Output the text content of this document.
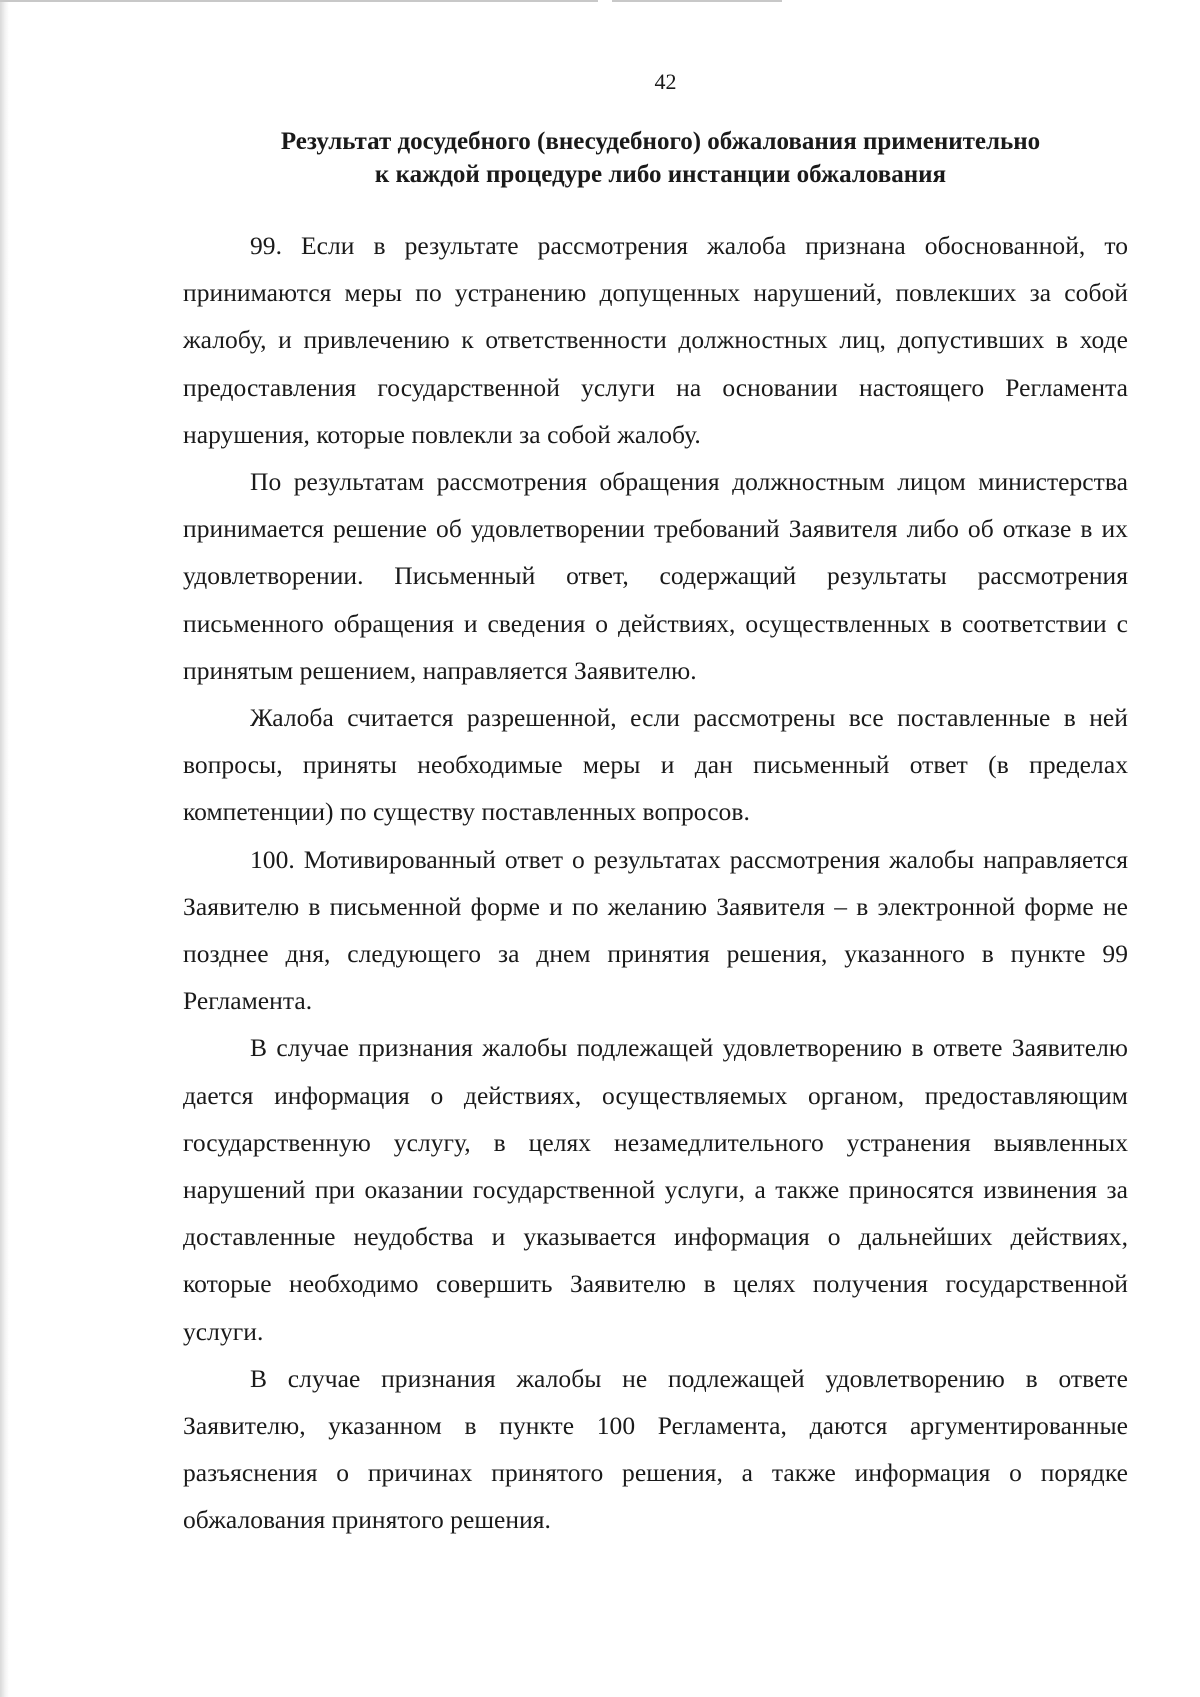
42

Результат досудебного (внесудебного) обжалования применительно
к каждой процедуре либо инстанции обжалования

99. Если в результате рассмотрения жалоба признана обоснованной, то принимаются меры по устранению допущенных нарушений, повлекших за собой жалобу, и привлечению к ответственности должностных лиц, допустивших в ходе предоставления государственной услуги на основании настоящего Регламента нарушения, которые повлекли за собой жалобу.

По результатам рассмотрения обращения должностным лицом министерства принимается решение об удовлетворении требований Заявителя либо об отказе в их удовлетворении. Письменный ответ, содержащий результаты рассмотрения письменного обращения и сведения о действиях, осуществленных в соответствии с принятым решением, направляется Заявителю.

Жалоба считается разрешенной, если рассмотрены все поставленные в ней вопросы, приняты необходимые меры и дан письменный ответ (в пределах компетенции) по существу поставленных вопросов.

100. Мотивированный ответ о результатах рассмотрения жалобы направляется Заявителю в письменной форме и по желанию Заявителя – в электронной форме не позднее дня, следующего за днем принятия решения, указанного в пункте 99 Регламента.

В случае признания жалобы подлежащей удовлетворению в ответе Заявителю дается информация о действиях, осуществляемых органом, предоставляющим государственную услугу, в целях незамедлительного устранения выявленных нарушений при оказании государственной услуги, а также приносятся извинения за доставленные неудобства и указывается информация о дальнейших действиях, которые необходимо совершить Заявителю в целях получения государственной услуги.

В случае признания жалобы не подлежащей удовлетворению в ответе Заявителю, указанном в пункте 100 Регламента, даются аргументированные разъяснения о причинах принятого решения, а также информация о порядке обжалования принятого решения.
